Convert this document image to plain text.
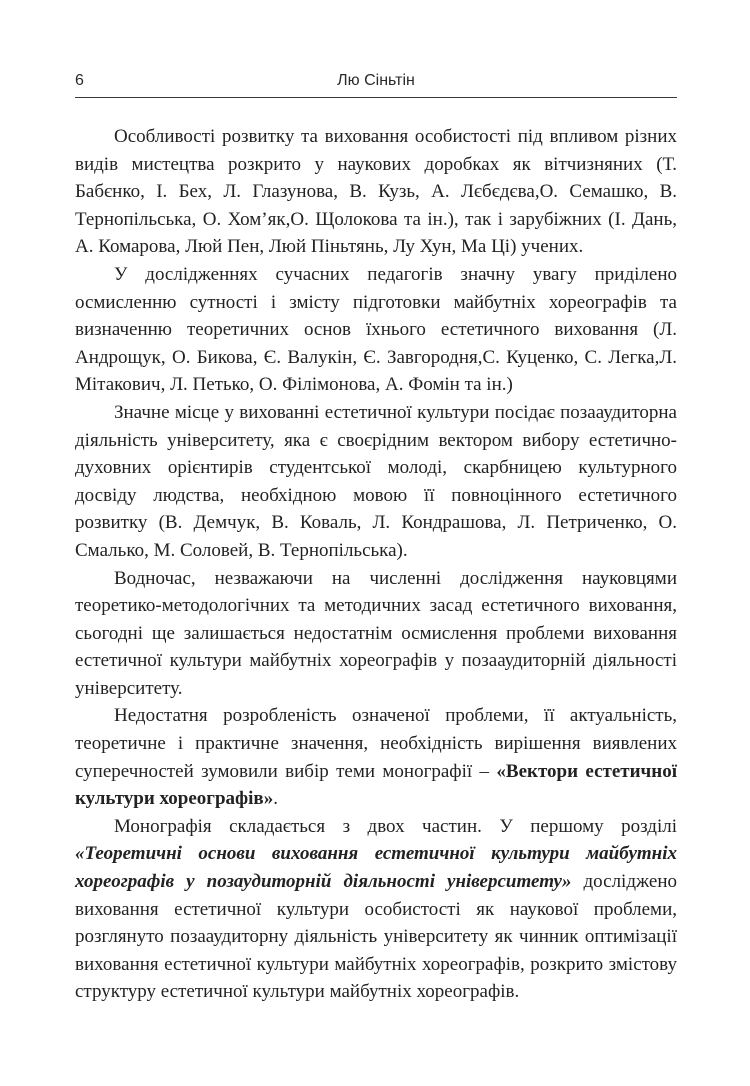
6	Лю Сіньтін

Особливості розвитку та виховання особистості під впливом різних видів мистецтва розкрито у наукових доробках як вітчизняних (Т. Бабєнко, І. Бех, Л. Глазунова, В. Кузь, А. Лєбєдєва,О. Семашко, В. Тернопільська, О. Хом’як,О. Щолокова та ін.), так і зарубіжних (І. Дань, А. Комарова, Люй Пен, Люй Піньтянь, Лу Хун, Ма Ці) учених.

У дослідженнях сучасних педагогів значну увагу приділено осмисленню сутності і змісту підготовки майбутніх хореографів та визначенню теоретичних основ їхнього естетичного виховання (Л. Андрощук, О. Бикова, Є. Валукін, Є. Завгородня,С. Куценко, С. Легка,Л. Мітакович, Л. Петько, О. Філімонова, А. Фомін та ін.)

Значне місце у вихованні естетичної культури посідає позааудиторна діяльність університету, яка є своєрідним вектором вибору естетично-духовних орієнтирів студентської молоді, скарбницею культурного досвіду людства, необхідною мовою її повноцінного естетичного розвитку (В. Демчук, В. Коваль, Л. Кондрашова, Л. Петриченко, О. Смалько, М. Соловей, В. Тернопільська).

Водночас, незважаючи на численні дослідження науковцями теоретико-методологічних та методичних засад естетичного виховання, сьогодні ще залишається недостатнім осмислення проблеми виховання естетичної культури майбутніх хореографів у позааудиторній діяльності університету.

Недостатня розробленість означеної проблеми, її актуальність, теоретичне і практичне значення, необхідність вирішення виявлених суперечностей зумовили вибір теми монографії – «Вектори естетичної культури хореографів».

Монографія складається з двох частин. У першому розділі «Теоретичні основи виховання естетичної культури майбутніх хореографів у позаудиторній діяльності університету» досліджено виховання естетичної культури особистості як наукової проблеми, розглянуто позааудиторну діяльність університету як чинник оптимізації виховання естетичної культури майбутніх хореографів, розкрито змістову структуру естетичної культури майбутніх хореографів.
